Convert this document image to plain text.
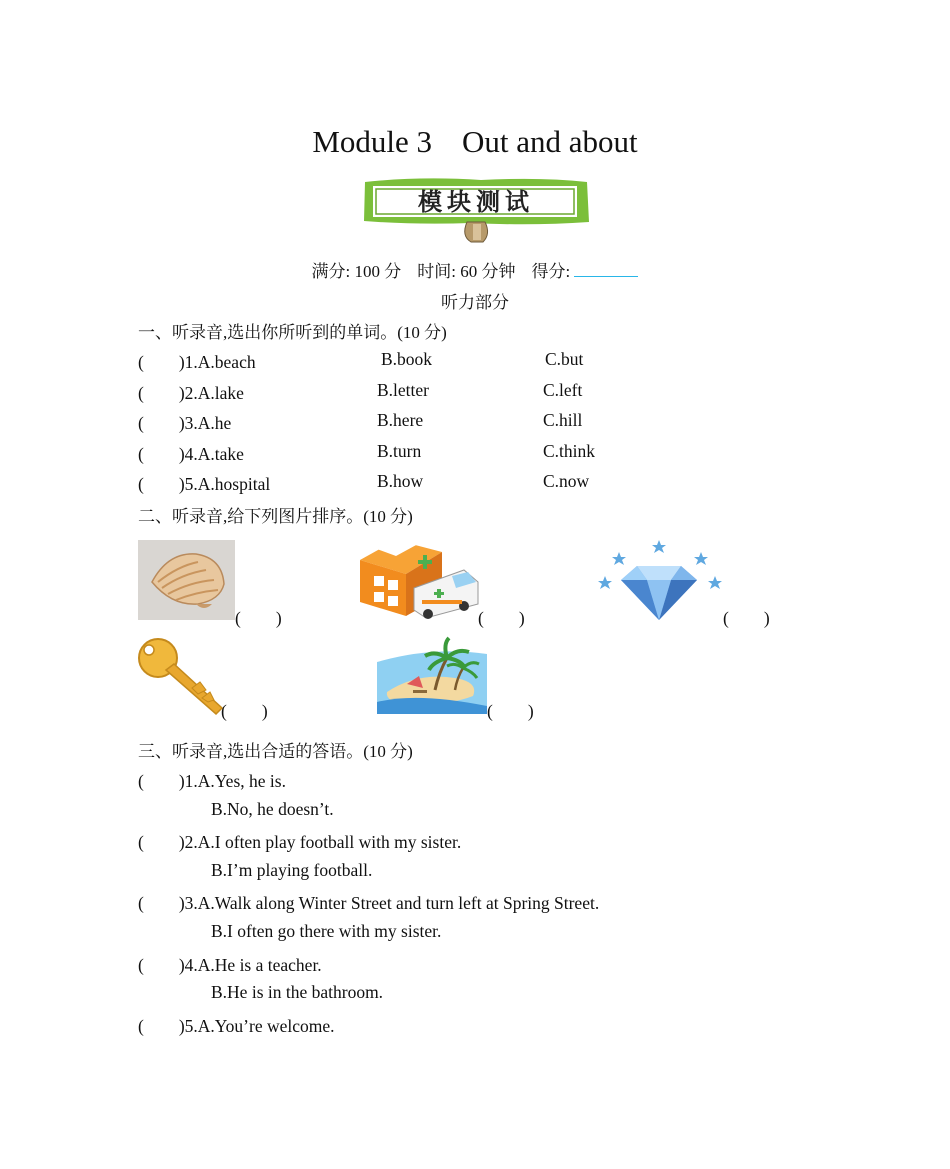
Module 3 Out and about
模块测试
满分: 100 分 时间: 60 分钟 得分:
听力部分
一、听录音,选出你所听到的单词。(10 分)
(　　)1.A.beach	B.book	C.but
(　　)2.A.lake	B.letter	C.left
(　　)3.A.he	B.here	C.hill
(　　)4.A.take	B.turn	C.think
(　　)5.A.hospital	B.how	C.now
二、听录音,给下列图片排序。(10 分)
(　　)	(　　)	(　　)
(　　)	(　　)
三、听录音,选出合适的答语。(10 分)
(　　)1.A.Yes, he is.
B.No, he doesn’t.
(　　)2.A.I often play football with my sister.
B.I’m playing football.
(　　)3.A.Walk along Winter Street and turn left at Spring Street.
B.I often go there with my sister.
(　　)4.A.He is a teacher.
B.He is in the bathroom.
(　　)5.A.You’re welcome.
